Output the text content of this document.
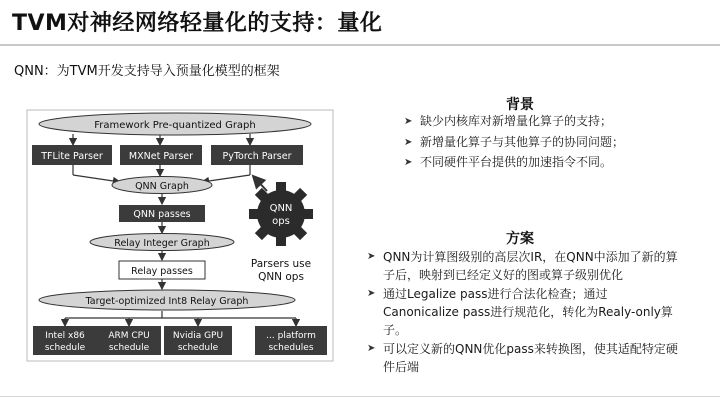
TVM对神经网络轻量化的支持：量化
QNN：为TVM开发支持导入预量化模型的框架
Framework Pre-quantized Graph
TFLite Parser	MXNet Parser	PyTorch Parser
QNN Graph
QNN passes
Relay Integer Graph
Relay passes
Target-optimized Int8 Relay Graph
Intel x86
schedule
ARM CPU
schedule
Nvidia GPU
schedule
... platform
schedules
QNN
ops
Parsers use
QNN ops
背景
➤ 缺少内核库对新增量化算子的支持；
➤ 新增量化算子与其他算子的协同问题；
➤ 不同硬件平台提供的加速指令不同。
方案
➤ QNN为计算图级别的高层次IR，在QNN中添加了新的算子后，映射到已经定义好的图或算子级别优化
➤ 通过Legalize pass进行合法化检查；通过 Canonicalize pass进行规范化，转化为Realy-only算子。
➤ 可以定义新的QNN优化pass来转换图，使其适配特定硬件后端
